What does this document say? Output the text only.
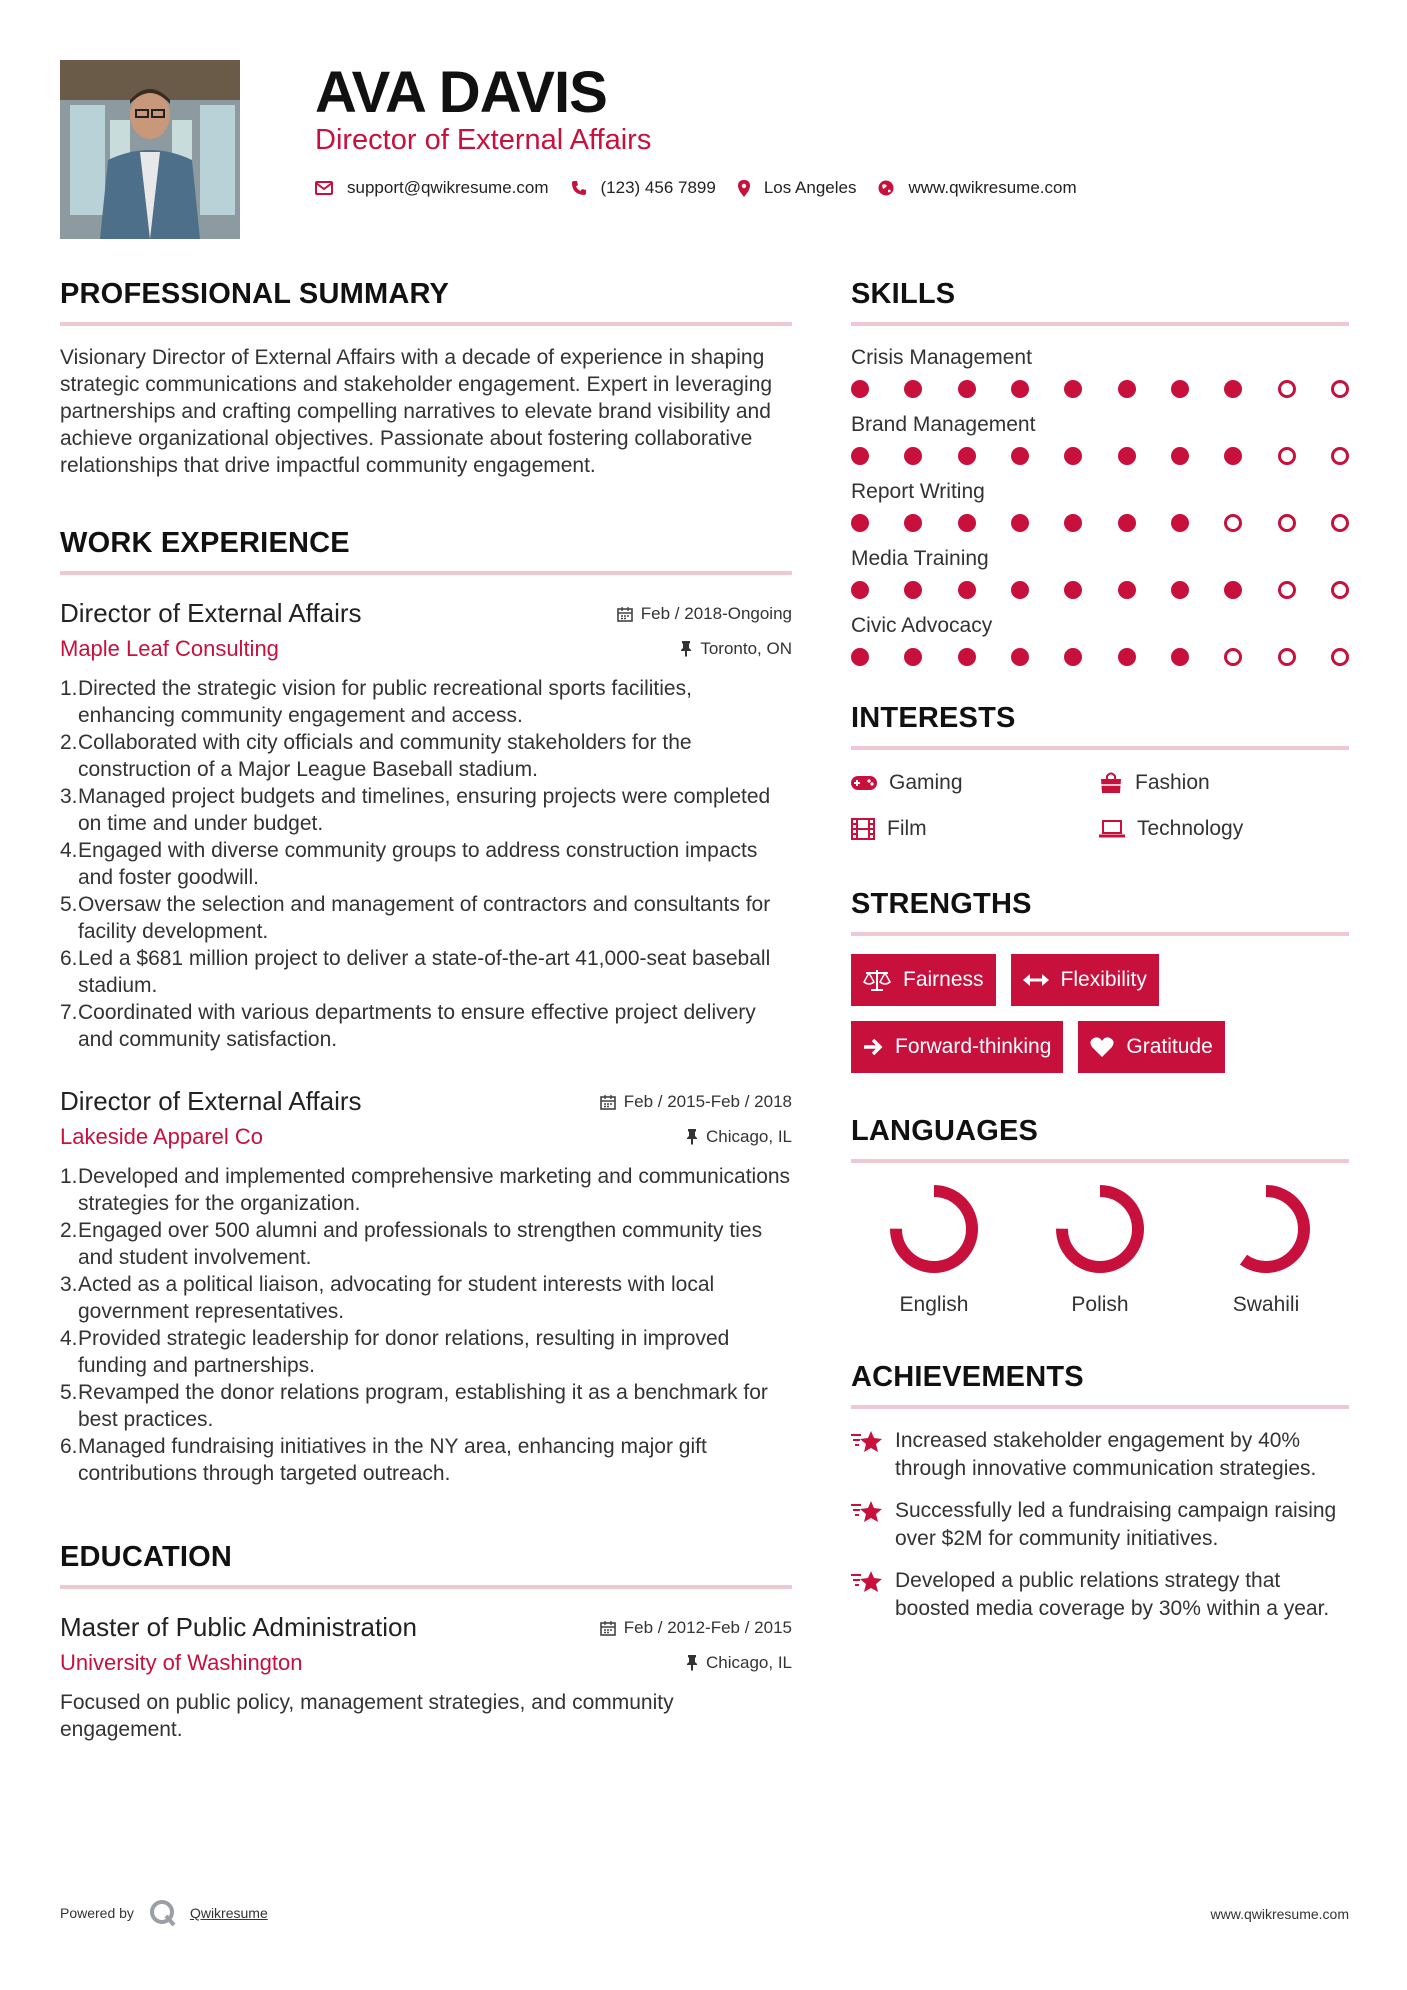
AVA DAVIS
Director of External Affairs
support@qwikresume.com	(123) 456 7899	Los Angeles	www.qwikresume.com
PROFESSIONAL SUMMARY

Visionary Director of External Affairs with a decade of experience in shaping strategic communications and stakeholder engagement. Expert in leveraging partnerships and crafting compelling narratives to elevate brand visibility and achieve organizational objectives. Passionate about fostering collaborative relationships that drive impactful community engagement.

WORK EXPERIENCE
Director of External Affairs	Feb / 2018-Ongoing
Maple Leaf Consulting	Toronto, ON
1. Directed the strategic vision for public recreational sports facilities, enhancing community engagement and access.
2. Collaborated with city officials and community stakeholders for the construction of a Major League Baseball stadium.
3. Managed project budgets and timelines, ensuring projects were completed on time and under budget.
4. Engaged with diverse community groups to address construction impacts and foster goodwill.
5. Oversaw the selection and management of contractors and consultants for facility development.
6. Led a $681 million project to deliver a state-of-the-art 41,000-seat baseball stadium.
7. Coordinated with various departments to ensure effective project delivery and community satisfaction.
Director of External Affairs	Feb / 2015-Feb / 2018
Lakeside Apparel Co	Chicago, IL
1. Developed and implemented comprehensive marketing and communications strategies for the organization.
2. Engaged over 500 alumni and professionals to strengthen community ties and student involvement.
3. Acted as a political liaison, advocating for student interests with local government representatives.
4. Provided strategic leadership for donor relations, resulting in improved funding and partnerships.
5. Revamped the donor relations program, establishing it as a benchmark for best practices.
6. Managed fundraising initiatives in the NY area, enhancing major gift contributions through targeted outreach.
EDUCATION
Master of Public Administration	Feb / 2012-Feb / 2015
University of Washington	Chicago, IL

Focused on public policy, management strategies, and community engagement.

SKILLS
Crisis Management
Brand Management
Report Writing
Media Training
Civic Advocacy
INTERESTS
Gaming	Fashion
Film	Technology
STRENGTHS
Fairness	Flexibility
Forward-thinking	Gratitude
LANGUAGES
English	Polish	Swahili
ACHIEVEMENTS
Increased stakeholder engagement by 40% through innovative communication strategies.
Successfully led a fundraising campaign raising over $2M for community initiatives.
Developed a public relations strategy that boosted media coverage by 30% within a year.
Powered by	Qwikresume	www.qwikresume.com
